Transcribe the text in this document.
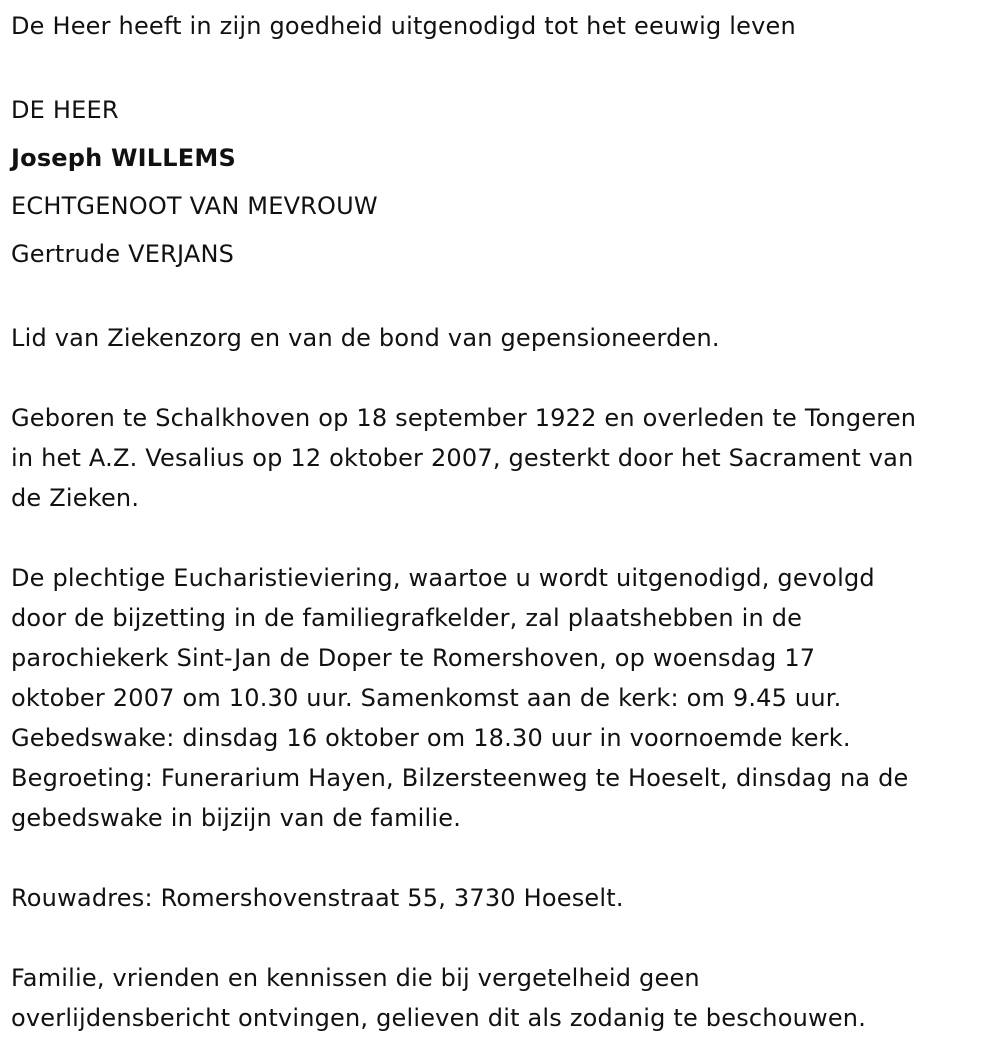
De Heer heeft in zijn goedheid uitgenodigd tot het eeuwig leven

DE HEER

Joseph WILLEMS

ECHTGENOOT VAN MEVROUW

Gertrude VERJANS

Lid van Ziekenzorg en van de bond van gepensioneerden.

Geboren te Schalkhoven op 18 september 1922 en overleden te Tongeren

in het A.Z. Vesalius op 12 oktober 2007, gesterkt door het Sacrament van

de Zieken.

De plechtige Eucharistieviering, waartoe u wordt uitgenodigd, gevolgd

door de bijzetting in de familiegrafkelder, zal plaatshebben in de

parochiekerk Sint-Jan de Doper te Romershoven, op woensdag 17

oktober 2007 om 10.30 uur. Samenkomst aan de kerk: om 9.45 uur.

Gebedswake: dinsdag 16 oktober om 18.30 uur in voornoemde kerk.

Begroeting: Funerarium Hayen, Bilzersteenweg te Hoeselt, dinsdag na de

gebedswake in bijzijn van de familie.

Rouwadres: Romershovenstraat 55, 3730 Hoeselt.

Familie, vrienden en kennissen die bij vergetelheid geen

overlijdensbericht ontvingen, gelieven dit als zodanig te beschouwen.
